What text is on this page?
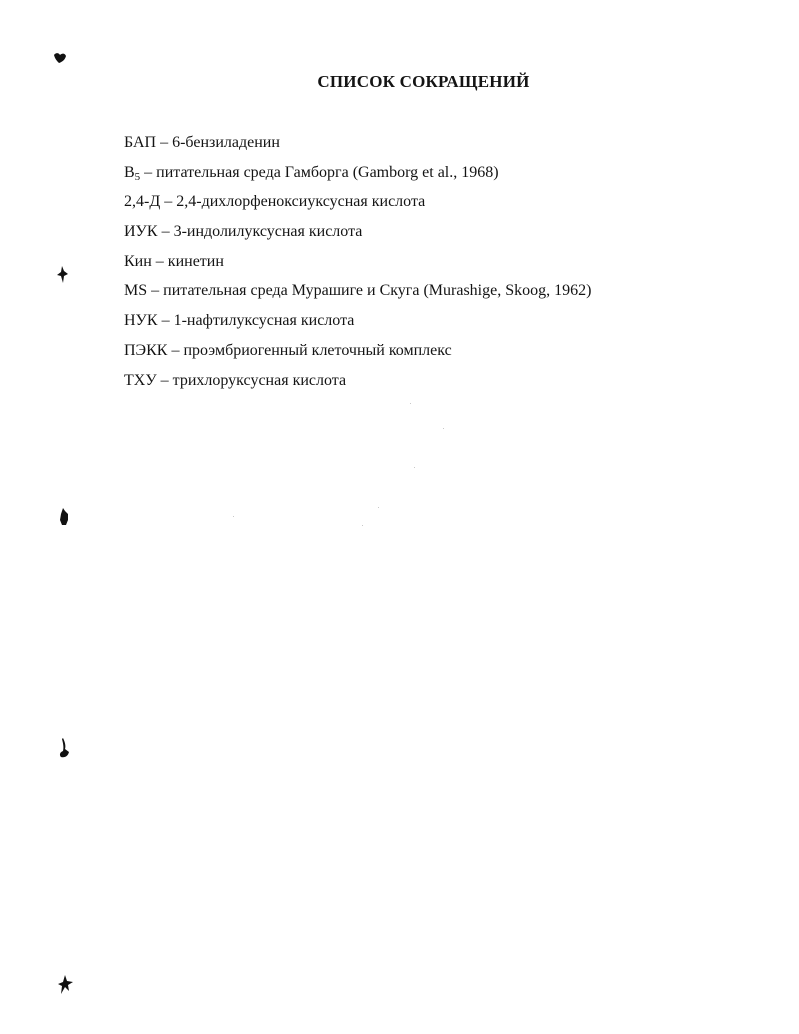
СПИСОК СОКРАЩЕНИЙ
БАП – 6-бензиладенин
$B_5$ – питательная среда Гамборга (Gamborg et al., 1968)
2,4-Д – 2,4-дихлорфеноксиуксусная кислота
ИУК – 3-индолилуксусная кислота
Кин – кинетин
MS – питательная среда Мурашиге и Скуга (Murashige, Skoog, 1962)
НУК – 1-нафтилуксусная кислота
ПЭКК – проэмбриогенный клеточный комплекс
ТХУ – трихлоруксусная кислота
